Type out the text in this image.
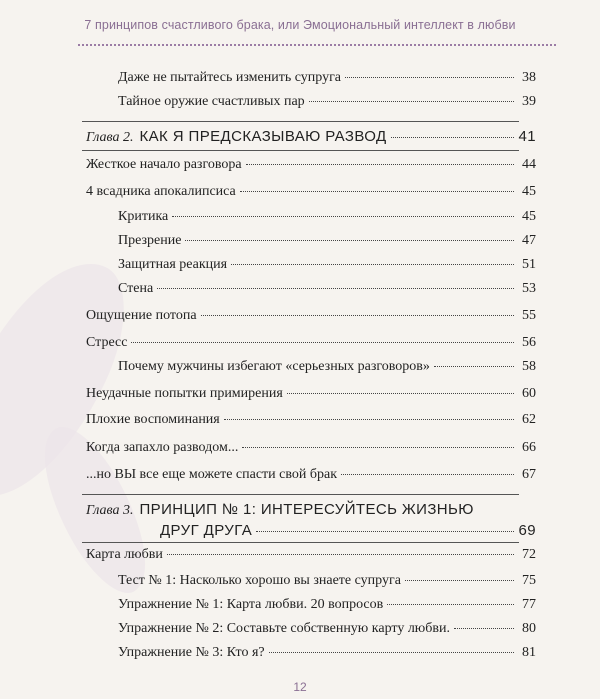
7 принципов счастливого брака, или Эмоциональный интеллект в любви
Даже не пытайтесь изменить супруга	38
Тайное оружие счастливых пар	39
Глава 2. КАК Я ПРЕДСКАЗЫВАЮ РАЗВОД	41
Жесткое начало разговора	44
4 всадника апокалипсиса	45
Критика	45
Презрение	47
Защитная реакция	51
Стена	53
Ощущение потопа	55
Стресс	56
Почему мужчины избегают «серьезных разговоров»	58
Неудачные попытки примирения	60
Плохие воспоминания	62
Когда запахло разводом...	66
...но ВЫ все еще можете спасти свой брак	67
Глава 3. ПРИНЦИП № 1: ИНТЕРЕСУЙТЕСЬ ЖИЗНЬЮ
ДРУГ ДРУГА	69
Карта любви	72
Тест № 1: Насколько хорошо вы знаете супруга	75
Упражнение № 1: Карта любви. 20 вопросов	77
Упражнение № 2: Составьте собственную карту любви.	80
Упражнение № 3: Кто я?	81
12
